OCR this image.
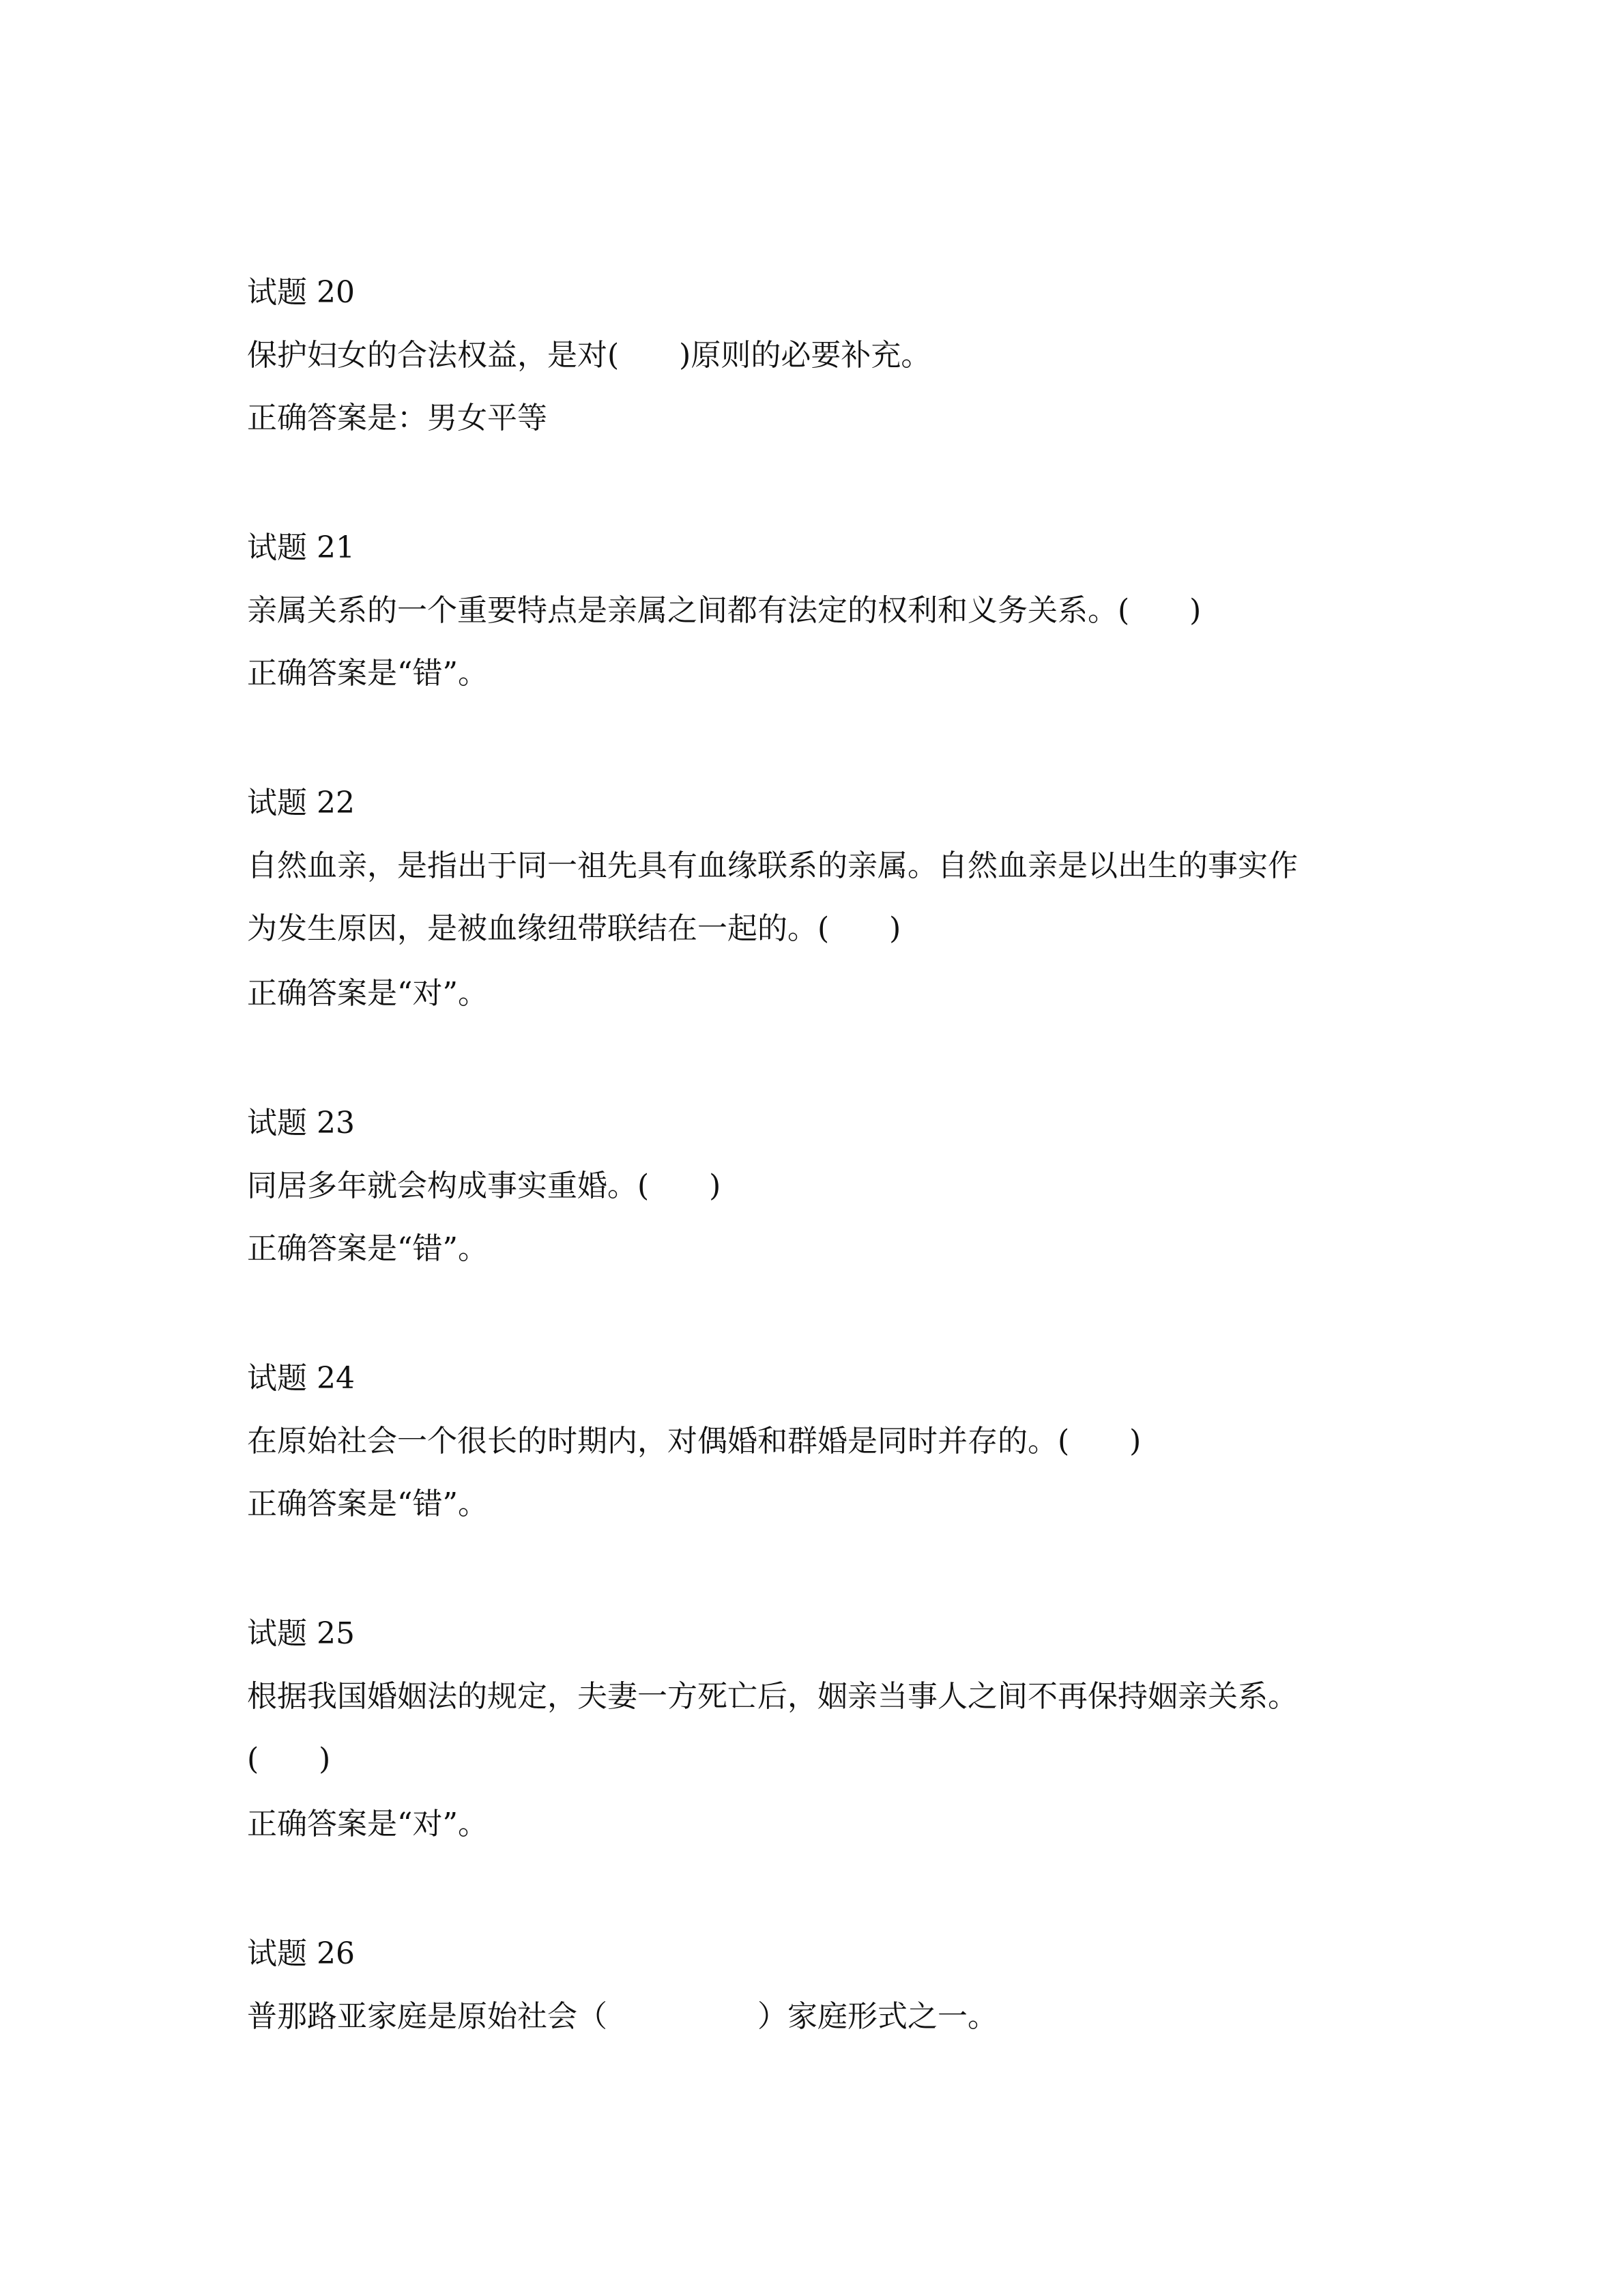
试题 20
保护妇女的合法权益，是对(　　)原则的必要补充。
正确答案是：男女平等
试题 21
亲属关系的一个重要特点是亲属之间都有法定的权利和义务关系。(　　)
正确答案是“错”。
试题 22
自然血亲，是指出于同一祖先具有血缘联系的亲属。自然血亲是以出生的事实作
为发生原因，是被血缘纽带联结在一起的。(　　)
正确答案是“对”。
试题 23
同居多年就会构成事实重婚。(　　)
正确答案是“错”。
试题 24
在原始社会一个很长的时期内，对偶婚和群婚是同时并存的。(　　)
正确答案是“错”。
试题 25
根据我国婚姻法的规定，夫妻一方死亡后，姻亲当事人之间不再保持姻亲关系。
(　　)
正确答案是“对”。
试题 26
普那路亚家庭是原始社会（　　　　　）家庭形式之一。
